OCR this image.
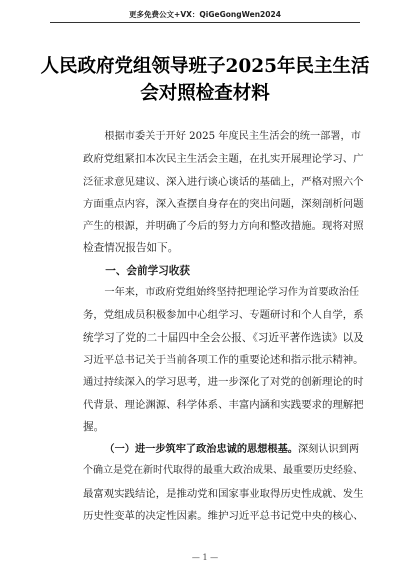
更多免费公文+VX：QiGeGongWen2024
人民政府党组领导班子2025年民主生活
会对照检查材料
根据市委关于开好 2025 年度民主生活会的统一部署，市
政府党组紧扣本次民主生活会主题，在扎实开展理论学习、广
泛征求意见建议、深入进行谈心谈话的基础上，严格对照六个
方面重点内容，深入查摆自身存在的突出问题，深刻剖析问题
产生的根源，并明确了今后的努力方向和整改措施。现将对照
检查情况报告如下。
一、会前学习收获
一年来，市政府党组始终坚持把理论学习作为首要政治任
务，党组成员积极参加中心组学习、专题研讨和个人自学，系
统学习了党的二十届四中全会公报、《习近平著作选读》以及
习近平总书记关于当前各项工作的重要论述和指示批示精神。
通过持续深入的学习思考，进一步深化了对党的创新理论的时
代背景、理论渊源、科学体系、丰富内涵和实践要求的理解把
握。
（一）进一步筑牢了政治忠诚的思想根基。深刻认识到两
个确立是党在新时代取得的最重大政治成果、最重要历史经验、
最富观实践结论，是推动党和国家事业取得历史性成就、发生
历史性变革的决定性因素。维护习近平总书记党中央的核心、
— 1 —
